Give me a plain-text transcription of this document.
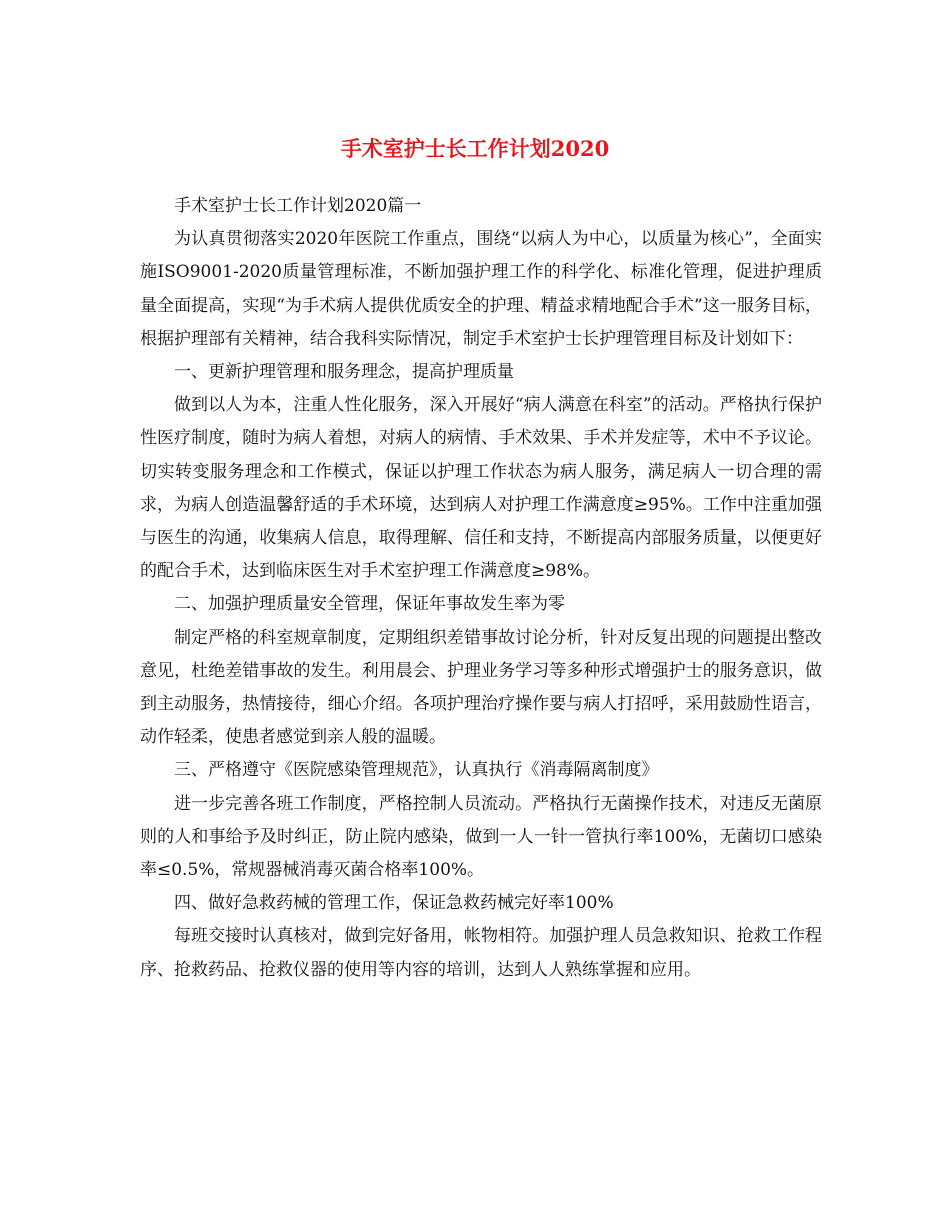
手术室护士长工作计划2020

手术室护士长工作计划2020篇一

为认真贯彻落实2020年医院工作重点，围绕“以病人为中心，以质量为核心”，全面实施ISO9001-2020质量管理标准，不断加强护理工作的科学化、标准化管理，促进护理质量全面提高，实现“为手术病人提供优质安全的护理、精益求精地配合手术”这一服务目标，根据护理部有关精神，结合我科实际情况，制定手术室护士长护理管理目标及计划如下：

一、更新护理管理和服务理念，提高护理质量

做到以人为本，注重人性化服务，深入开展好“病人满意在科室”的活动。严格执行保护性医疗制度，随时为病人着想，对病人的病情、手术效果、手术并发症等，术中不予议论。切实转变服务理念和工作模式，保证以护理工作状态为病人服务，满足病人一切合理的需求，为病人创造温馨舒适的手术环境，达到病人对护理工作满意度≥95%。工作中注重加强与医生的沟通，收集病人信息，取得理解、信任和支持，不断提高内部服务质量，以便更好的配合手术，达到临床医生对手术室护理工作满意度≥98%。

二、加强护理质量安全管理，保证年事故发生率为零

制定严格的科室规章制度，定期组织差错事故讨论分析，针对反复出现的问题提出整改意见，杜绝差错事故的发生。利用晨会、护理业务学习等多种形式增强护士的服务意识，做到主动服务，热情接待，细心介绍。各项护理治疗操作要与病人打招呼，采用鼓励性语言，动作轻柔，使患者感觉到亲人般的温暖。

三、严格遵守《医院感染管理规范》，认真执行《消毒隔离制度》

进一步完善各班工作制度，严格控制人员流动。严格执行无菌操作技术，对违反无菌原则的人和事给予及时纠正，防止院内感染，做到一人一针一管执行率100%，无菌切口感染率≤0.5%，常规器械消毒灭菌合格率100%。

四、做好急救药械的管理工作，保证急救药械完好率100%

每班交接时认真核对，做到完好备用，帐物相符。加强护理人员急救知识、抢救工作程序、抢救药品、抢救仪器的使用等内容的培训，达到人人熟练掌握和应用。
